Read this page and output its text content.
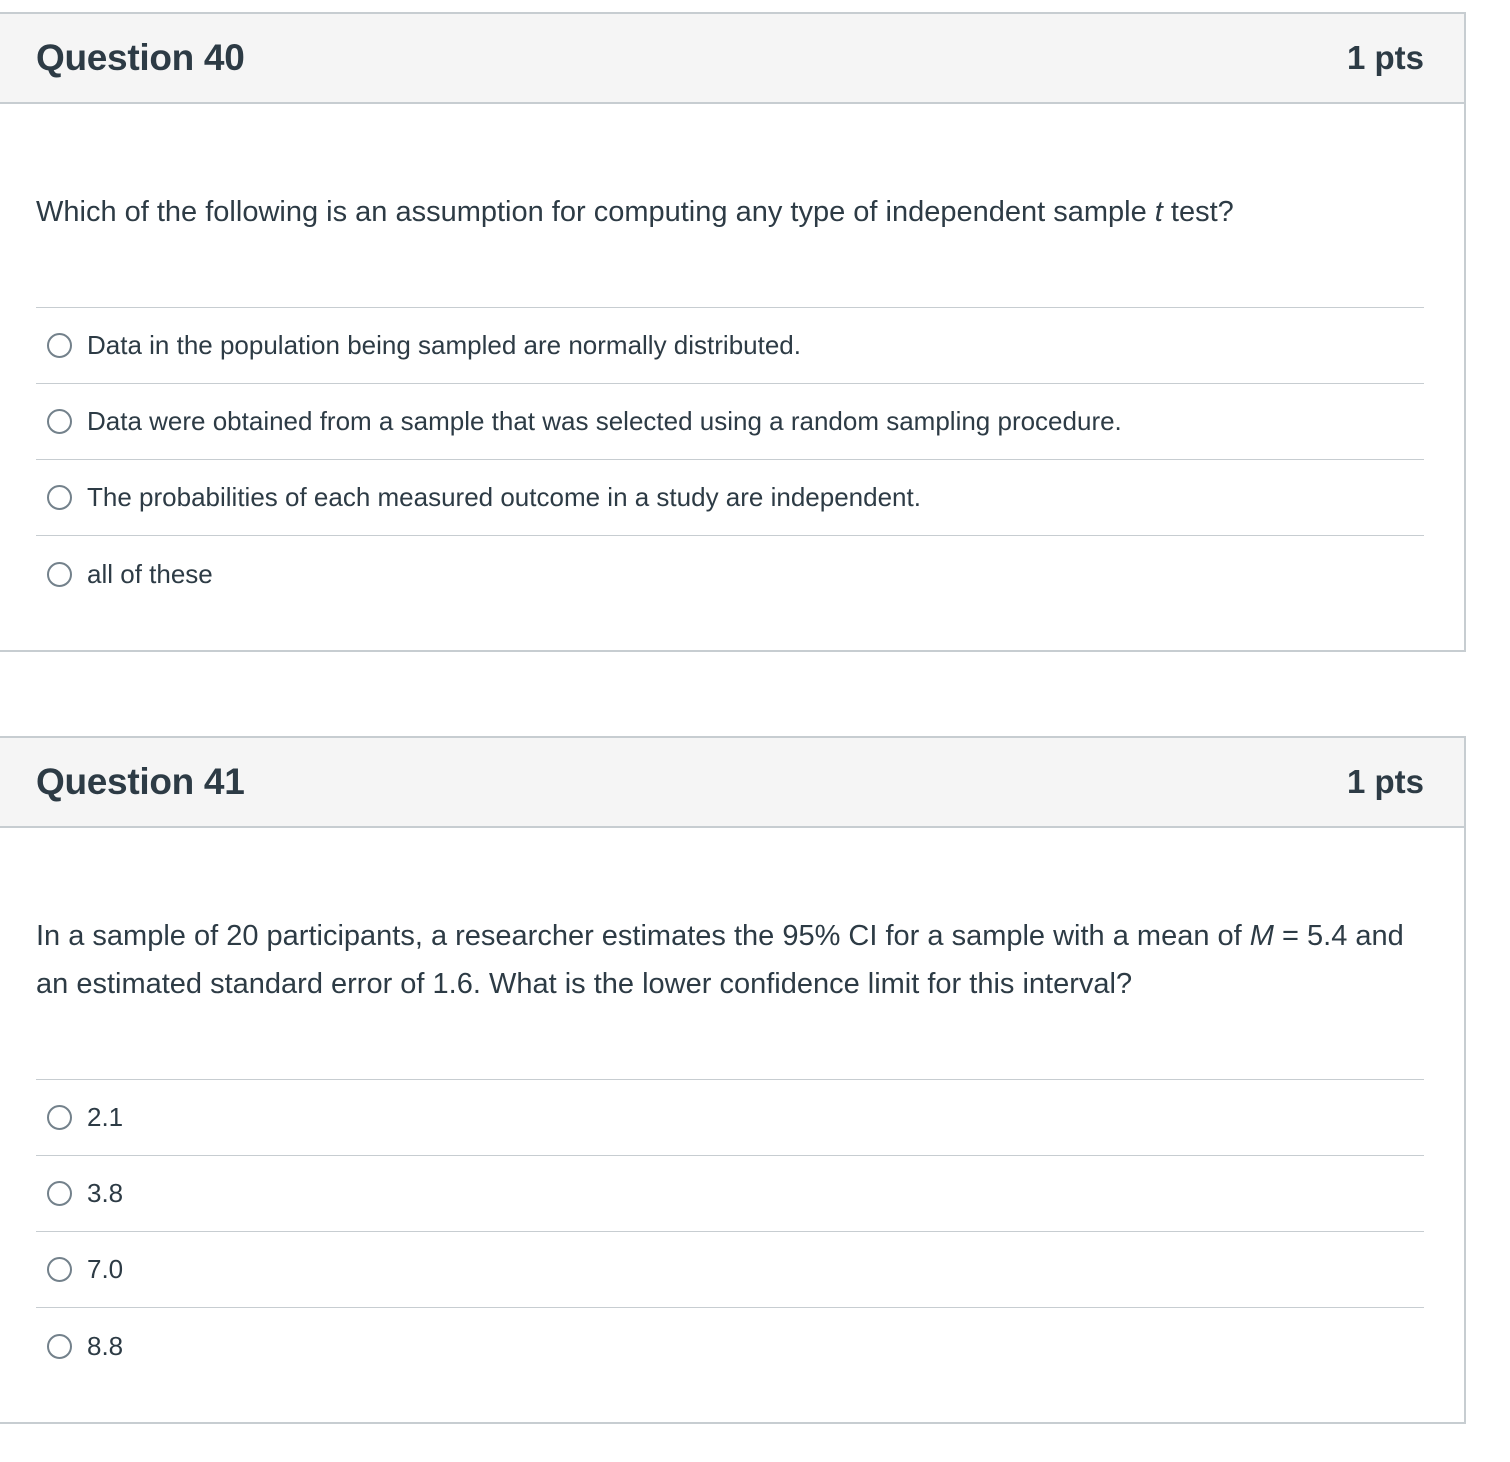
Question 40	1 pts
Which of the following is an assumption for computing any type of independent sample t test?
Data in the population being sampled are normally distributed.
Data were obtained from a sample that was selected using a random sampling procedure.
The probabilities of each measured outcome in a study are independent.
all of these
Question 41	1 pts
In a sample of 20 participants, a researcher estimates the 95% CI for a sample with a mean of M = 5.4 and an estimated standard error of 1.6. What is the lower confidence limit for this interval?
2.1
3.8
7.0
8.8
